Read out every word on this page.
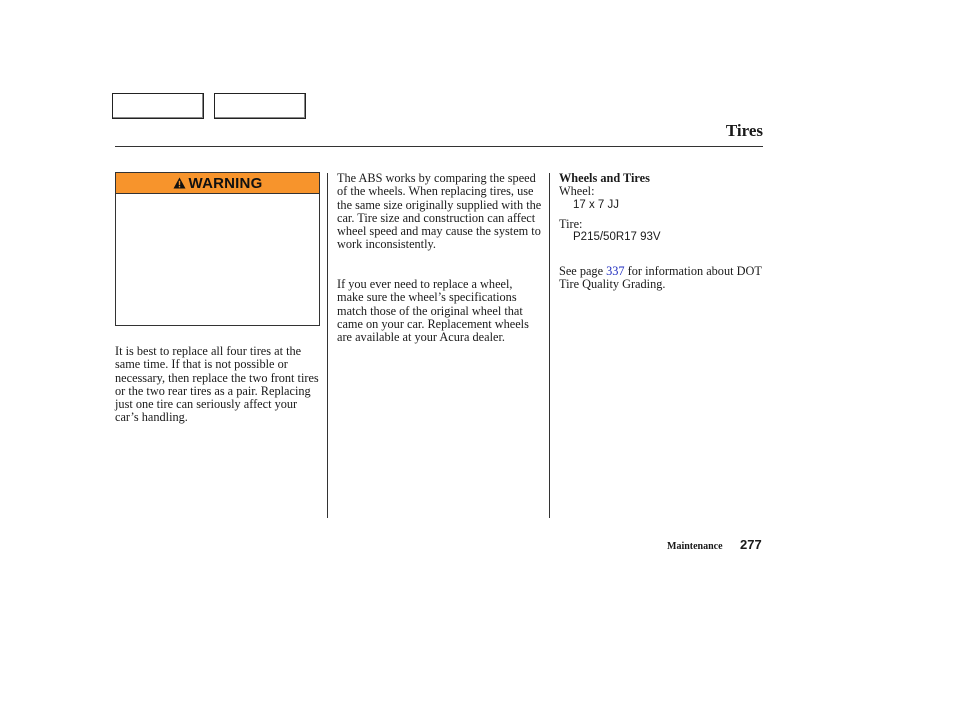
Tires
WARNING

It is best to replace all four tires at the same time. If that is not possible or necessary, then replace the two front tires or the two rear tires as a pair. Replacing just one tire can seriously affect your car’s handling.

The ABS works by comparing the speed of the wheels. When replacing tires, use the same size originally supplied with the car. Tire size and construction can affect wheel speed and may cause the system to work inconsistently.

If you ever need to replace a wheel, make sure the wheel’s specifications match those of the original wheel that came on your car. Replacement wheels are available at your Acura dealer.

Wheels and Tires
Wheel:
17 x 7 JJ
Tire:
P215/50R17 93V

See page 337 for information about DOT Tire Quality Grading.

Maintenance 277
